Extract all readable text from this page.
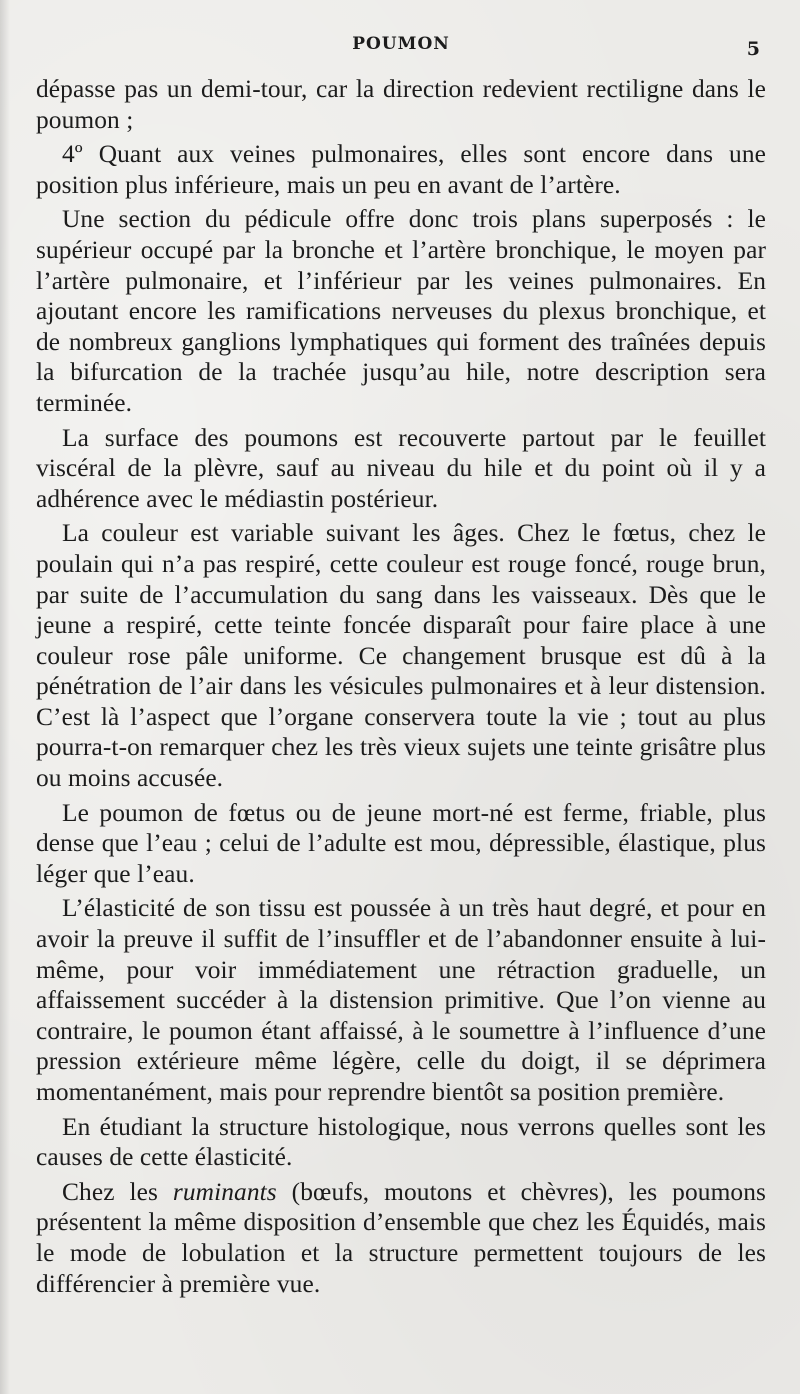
POUMON	5

dépasse pas un demi-tour, car la direction redevient rectiligne dans le poumon ;

4º Quant aux veines pulmonaires, elles sont encore dans une position plus inférieure, mais un peu en avant de l’artère.

Une section du pédicule offre donc trois plans superposés : le supérieur occupé par la bronche et l’artère bronchique, le moyen par l’artère pulmonaire, et l’inférieur par les veines pulmonaires. En ajoutant encore les ramifications nerveuses du plexus bronchique, et de nombreux ganglions lymphatiques qui forment des traînées depuis la bifurcation de la trachée jusqu’au hile, notre description sera terminée.

La surface des poumons est recouverte partout par le feuillet viscéral de la plèvre, sauf au niveau du hile et du point où il y a adhérence avec le médiastin postérieur.

La couleur est variable suivant les âges. Chez le fœtus, chez le poulain qui n’a pas respiré, cette couleur est rouge foncé, rouge brun, par suite de l’accumulation du sang dans les vaisseaux. Dès que le jeune a respiré, cette teinte foncée disparaît pour faire place à une couleur rose pâle uniforme. Ce changement brusque est dû à la pénétration de l’air dans les vésicules pulmonaires et à leur distension. C’est là l’aspect que l’organe conservera toute la vie ; tout au plus pourra-t-on remarquer chez les très vieux sujets une teinte grisâtre plus ou moins accusée.

Le poumon de fœtus ou de jeune mort-né est ferme, friable, plus dense que l’eau ; celui de l’adulte est mou, dépressible, élastique, plus léger que l’eau.

L’élasticité de son tissu est poussée à un très haut degré, et pour en avoir la preuve il suffit de l’insuffler et de l’abandonner ensuite à lui-même, pour voir immédiatement une rétraction graduelle, un affaissement succéder à la distension primitive. Que l’on vienne au contraire, le poumon étant affaissé, à le soumettre à l’influence d’une pression extérieure même légère, celle du doigt, il se déprimera momentanément, mais pour reprendre bientôt sa position première.

En étudiant la structure histologique, nous verrons quelles sont les causes de cette élasticité.

Chez les ruminants (bœufs, moutons et chèvres), les poumons présentent la même disposition d’ensemble que chez les Équidés, mais le mode de lobulation et la structure permettent toujours de les différencier à première vue.
